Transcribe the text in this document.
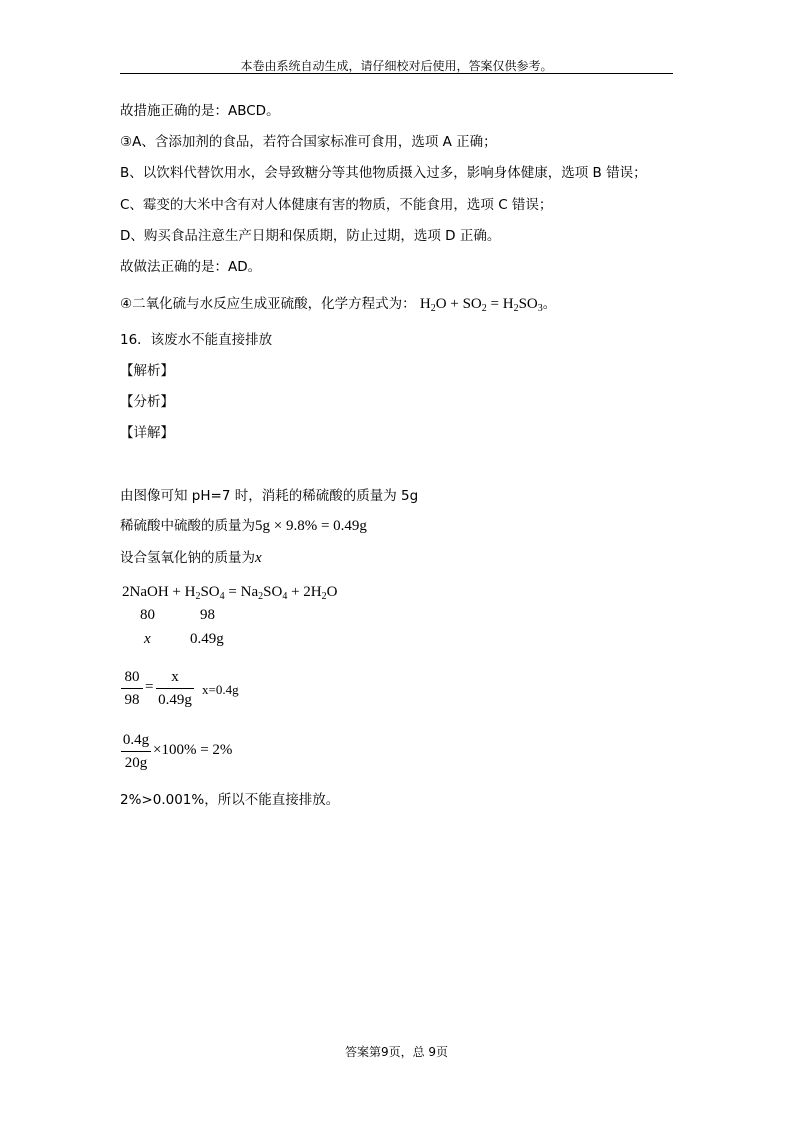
本卷由系统自动生成，请仔细校对后使用，答案仅供参考。
故措施正确的是：ABCD。
③A、含添加剂的食品，若符合国家标准可食用，选项 A 正确；
B、以饮料代替饮用水，会导致糖分等其他物质摄入过多，影响身体健康，选项 B 错误；
C、霉变的大米中含有对人体健康有害的物质，不能食用，选项 C 错误；
D、购买食品注意生产日期和保质期，防止过期，选项 D 正确。
故做法正确的是：AD。
④二氧化硫与水反应生成亚硫酸，化学方程式为： $H_2O + SO_2 = H_2SO_3$。
16．该废水不能直接排放
【解析】
【分析】
【详解】
由图像可知 pH=7 时，消耗的稀硫酸的质量为 5g
稀硫酸中硫酸的质量为5g × 9.8% = 0.49g
设合氢氧化钠的质量为x
2NaOH + $H_2SO_4 = Na_2SO_4 + 2H_2O$
80	98
x	0.49g
80
98
=
x
0.49g
x=0.4g
0.4g
20g
×100% = 2%
2%>0.001%，所以不能直接排放。
答案第9页，总 9页
